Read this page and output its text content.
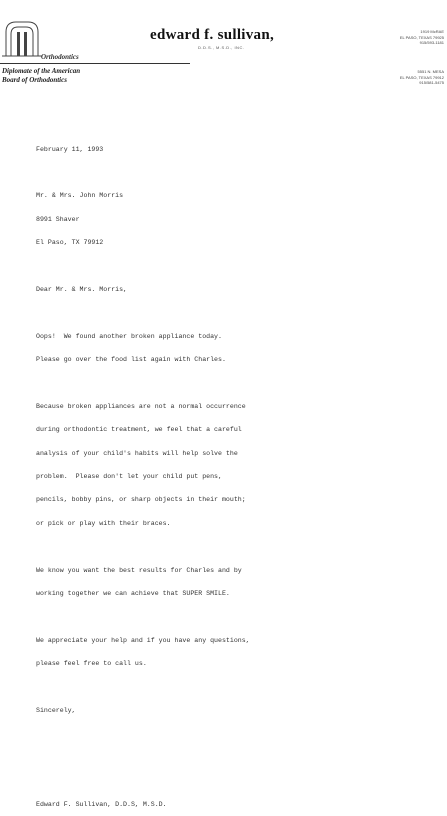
Orthodontics
Diplomate of the American
Board of Orthodontics
edward f. sullivan,
D.D.S., M.S.D., INC.
1919 McRAE
EL PASO, TEXAS 79925
915/593-1181
5551 N. MESA
EL PASO, TEXAS 79912
915/581-5475

February 11, 1993

Mr. & Mrs. John Morris

8991 Shaver

El Paso, TX 79912

Dear Mr. & Mrs. Morris,

Oops!  We found another broken appliance today.

Please go over the food list again with Charles.

Because broken appliances are not a normal occurrence

during orthodontic treatment, we feel that a careful

analysis of your child's habits will help solve the

problem.  Please don't let your child put pens,

pencils, bobby pins, or sharp objects in their mouth;

or pick or play with their braces.

We know you want the best results for Charles and by

working together we can achieve that SUPER SMILE.

We appreciate your help and if you have any questions,

please feel free to call us.

Sincerely,

Edward F. Sullivan, D.D.S, M.S.D.
